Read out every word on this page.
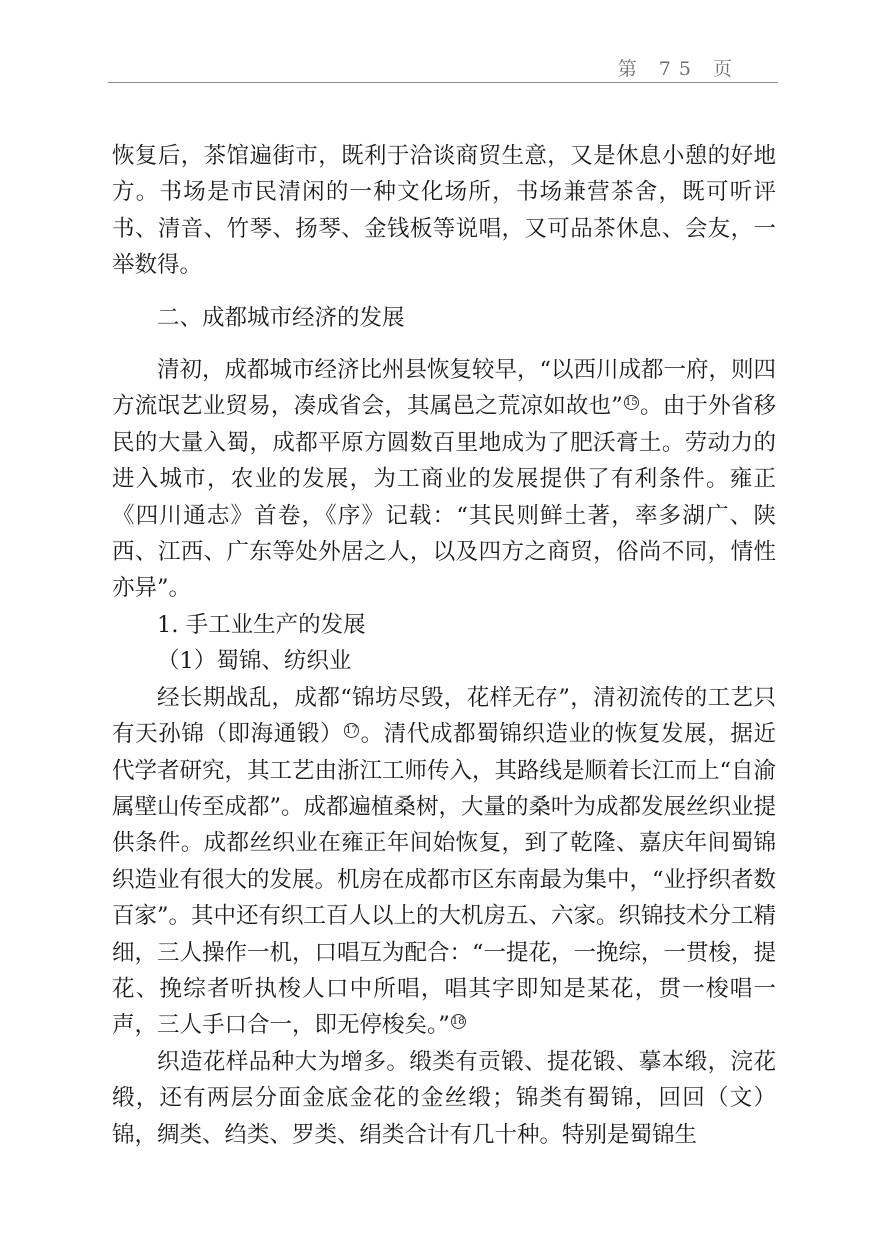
第 75 页

恢复后，茶馆遍街市，既利于洽谈商贸生意，又是休息小憩的好地方。书场是市民清闲的一种文化场所，书场兼营茶舍，既可听评书、清音、竹琴、扬琴、金钱板等说唱，又可品茶休息、会友，一举数得。

二、成都城市经济的发展

清初，成都城市经济比州县恢复较早，“以西川成都一府，则四方流氓艺业贸易，凑成省会，其属邑之荒凉如故也” 15。由于外省移民的大量入蜀，成都平原方圆数百里地成为了肥沃膏土。劳动力的进入城市，农业的发展，为工商业的发展提供了有利条件。雍正《四川通志》首卷，《序》记载：“其民则鲜土著，率多湖广、陕西、江西、广东等处外居之人，以及四方之商贸，俗尚不同，情性亦异”。

1. 手工业生产的发展

（1）蜀锦、纺织业

经长期战乱，成都“锦坊尽毁，花样无存”，清初流传的工艺只有天孙锦（即海通锻） 17。清代成都蜀锦织造业的恢复发展，据近代学者研究，其工艺由浙江工师传入，其路线是顺着长江而上“自渝属壁山传至成都”。成都遍植桑树，大量的桑叶为成都发展丝织业提供条件。成都丝织业在雍正年间始恢复，到了乾隆、嘉庆年间蜀锦织造业有很大的发展。机房在成都市区东南最为集中，“业抒织者数百家”。其中还有织工百人以上的大机房五、六家。织锦技术分工精细，三人操作一机，口唱互为配合：“一提花，一挽综，一贯梭，提花、挽综者听执梭人口中所唱，唱其字即知是某花，贯一梭唱一声，三人手口合一，即无停梭矣。” 18

织造花样品种大为增多。缎类有贡锻、提花锻、摹本缎，浣花缎，还有两层分面金底金花的金丝缎；锦类有蜀锦，回回（文）锦，绸类、绉类、罗类、绢类合计有几十种。特别是蜀锦生
